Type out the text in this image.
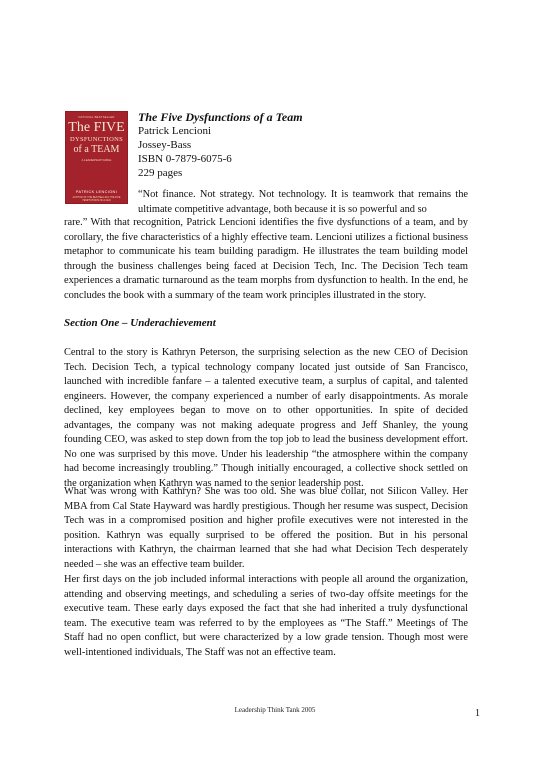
NATIONAL BESTSELLER
The FIVE
DYSFUNCTIONS
of a TEAM
A LEADERSHIP FABLE
PATRICK LENCIONI
AUTHOR OF THE BESTSELLING THE FIVE TEMPTATIONS OF A CEO
The Five Dysfunctions of a Team
Patrick Lencioni
Jossey-Bass
ISBN 0-7879-6075-6
229 pages
“Not finance. Not strategy. Not technology. It is teamwork that remains the ultimate competitive advantage, both because it is so powerful and so
rare.” With that recognition, Patrick Lencioni identifies the five dysfunctions of a team, and by corollary, the five characteristics of a highly effective team. Lencioni utilizes a fictional business metaphor to communicate his team building paradigm. He illustrates the team building model through the business challenges being faced at Decision Tech, Inc. The Decision Tech team experiences a dramatic turnaround as the team morphs from dysfunction to health. In the end, he concludes the book with a summary of the team work principles illustrated in the story.
Section One – Underachievement
Central to the story is Kathryn Peterson, the surprising selection as the new CEO of Decision Tech. Decision Tech, a typical technology company located just outside of San Francisco, launched with incredible fanfare – a talented executive team, a surplus of capital, and talented engineers. However, the company experienced a number of early disappointments. As morale declined, key employees began to move on to other opportunities. In spite of decided advantages, the company was not making adequate progress and Jeff Shanley, the young founding CEO, was asked to step down from the top job to lead the business development effort. No one was surprised by this move. Under his leadership “the atmosphere within the company had become increasingly troubling.” Though initially encouraged, a collective shock settled on the organization when Kathryn was named to the senior leadership post.
What was wrong with Kathryn? She was too old. She was blue collar, not Silicon Valley. Her MBA from Cal State Hayward was hardly prestigious. Though her resume was suspect, Decision Tech was in a compromised position and higher profile executives were not interested in the position. Kathryn was equally surprised to be offered the position. But in his personal interactions with Kathryn, the chairman learned that she had what Decision Tech desperately needed – she was an effective team builder.
Her first days on the job included informal interactions with people all around the organization, attending and observing meetings, and scheduling a series of two-day offsite meetings for the executive team. These early days exposed the fact that she had inherited a truly dysfunctional team. The executive team was referred to by the employees as “The Staff.” Meetings of The Staff had no open conflict, but were characterized by a low grade tension. Though most were well-intentioned individuals, The Staff was not an effective team.
Leadership Think Tank 2005	1
